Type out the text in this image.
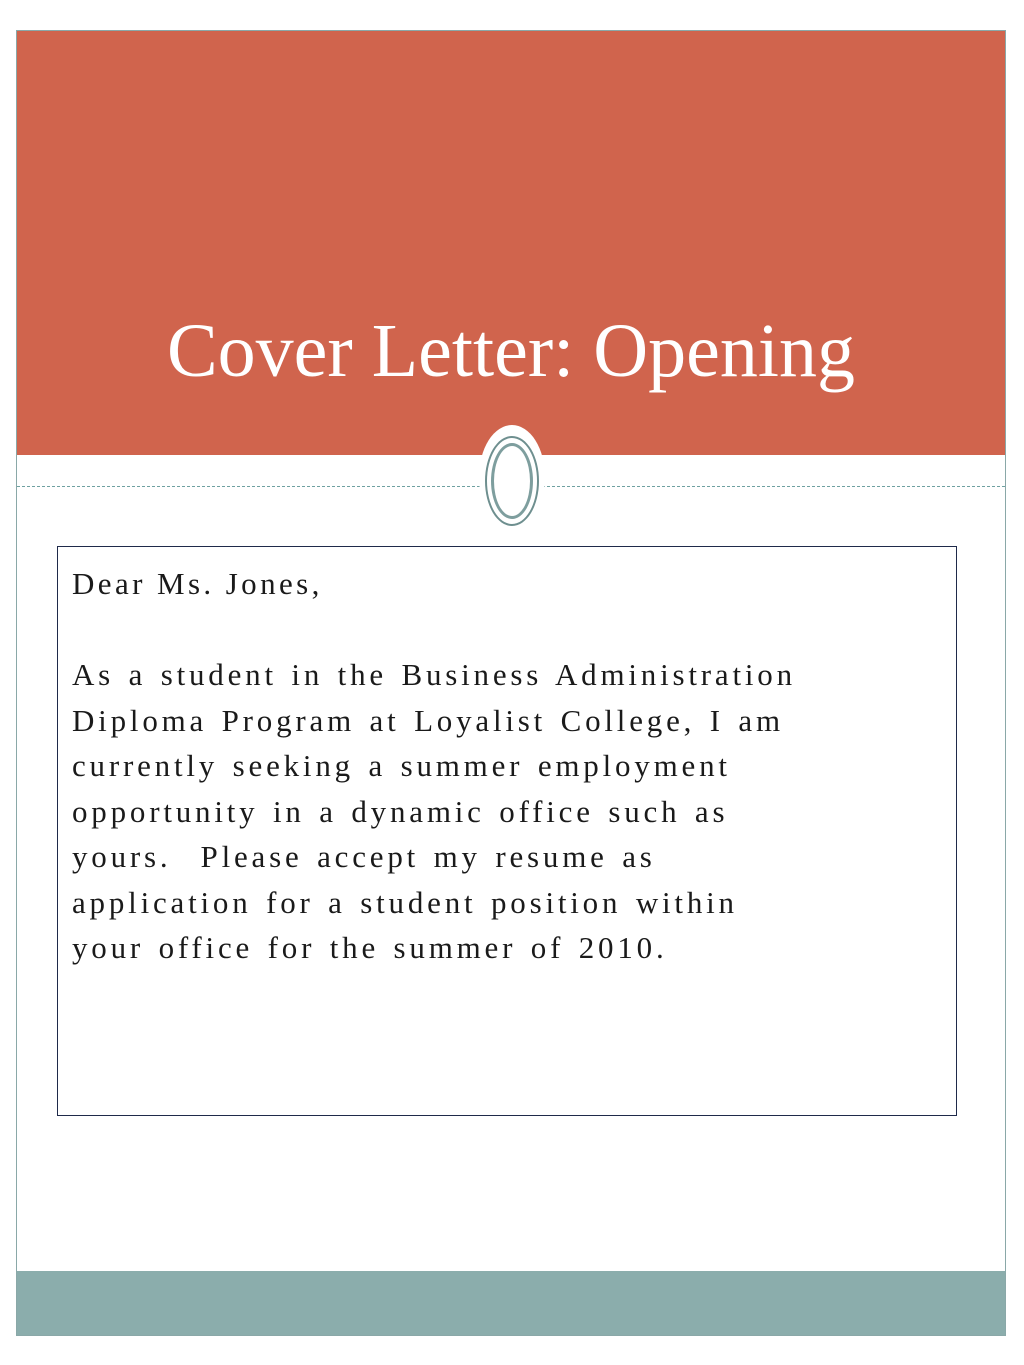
Cover Letter: Opening

Dear Ms. Jones,

As a student in the Business Administration

Diploma Program at Loyalist College, I am

currently seeking a summer employment

opportunity in a dynamic office such as

yours.  Please accept my resume as

application for a student position within

your office for the summer of 2010.
